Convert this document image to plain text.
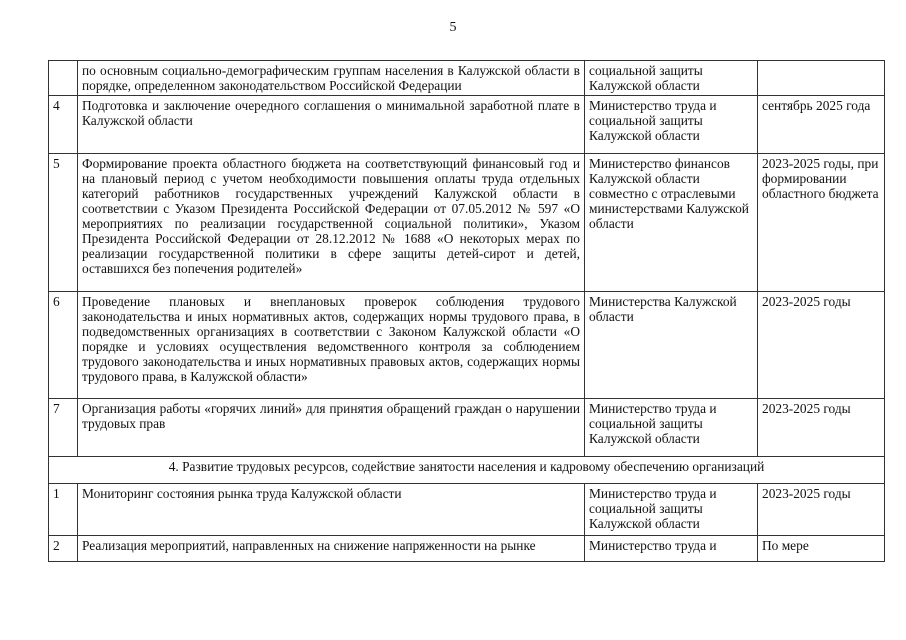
5
	по основным социально-демографическим группам населения в Калужской области в порядке, определенном законодательством Российской Федерации	социальной защиты Калужской области	
4	Подготовка и заключение очередного соглашения о минимальной заработной плате в Калужской области	Министерство труда и социальной защиты Калужской области	сентябрь 2025 года
5	Формирование проекта областного бюджета на соответствующий финансовый год и на плановый период с учетом необходимости повышения оплаты труда отдельных категорий работников государственных учреждений Калужской области в соответствии с Указом Президента Российской Федерации от 07.05.2012 № 597 «О мероприятиях по реализации государственной социальной политики», Указом Президента Российской Федерации от 28.12.2012 № 1688 «О некоторых мерах по реализации государственной политики в сфере защиты детей-сирот и детей, оставшихся без попечения родителей»	Министерство финансов Калужской области совместно с отраслевыми министерствами Калужской области	2023-2025 годы, при формировании областного бюджета
6	Проведение плановых и внеплановых проверок соблюдения трудового законодательства и иных нормативных актов, содержащих нормы трудового права, в подведомственных организациях в соответствии с Законом Калужской области «О порядке и условиях осуществления ведомственного контроля за соблюдением трудового законодательства и иных нормативных правовых актов, содержащих нормы трудового права, в Калужской области»	Министерства Калужской области	2023-2025 годы
7	Организация работы «горячих линий» для принятия обращений граждан о нарушении трудовых прав	Министерство труда и социальной защиты Калужской области	2023-2025 годы
4. Развитие трудовых ресурсов, содействие занятости населения и кадровому обеспечению организаций			
1	Мониторинг состояния рынка труда Калужской области	Министерство труда и социальной защиты Калужской области	2023-2025 годы
2	Реализация мероприятий, направленных на снижение напряженности на рынке	Министерство труда и	По мере
